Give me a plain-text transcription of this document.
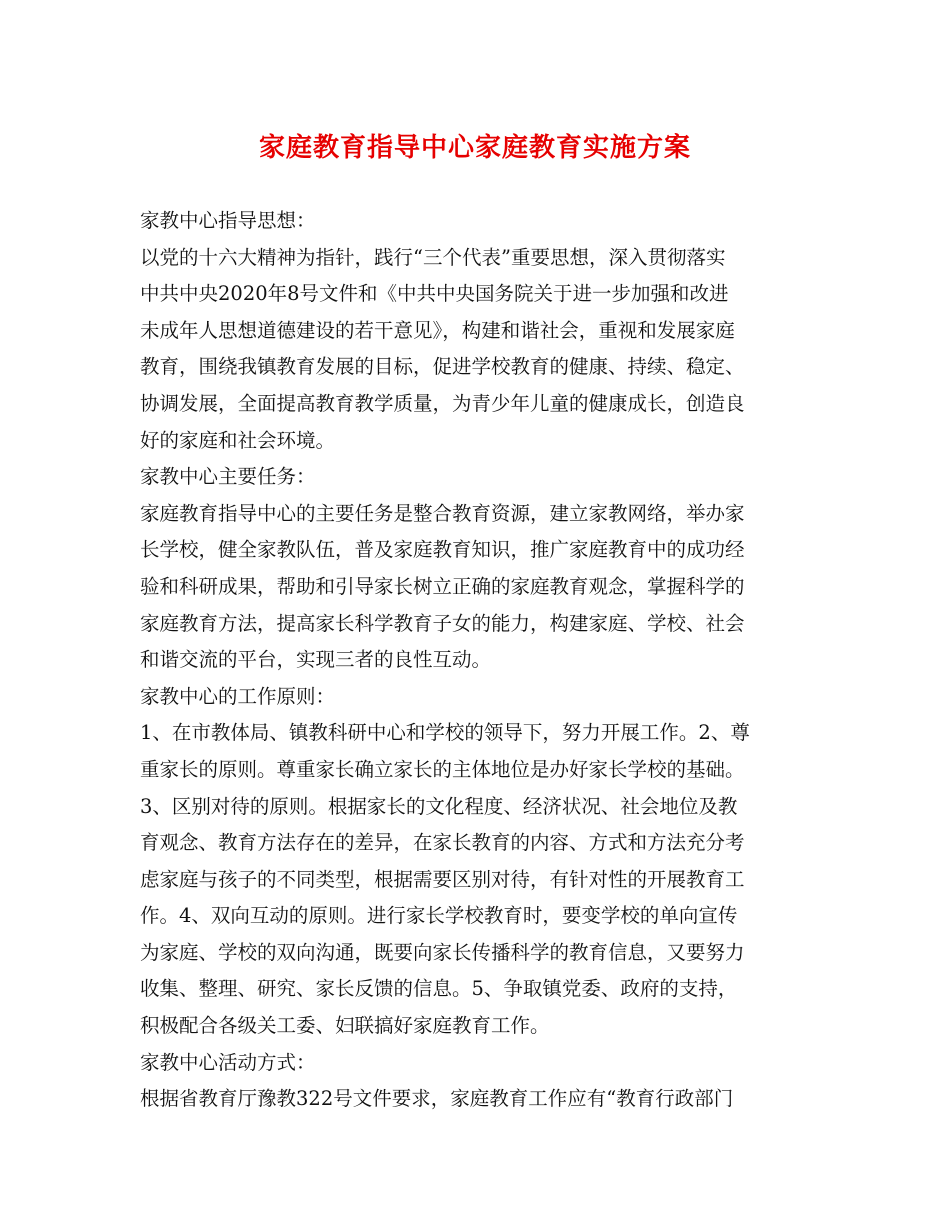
家庭教育指导中心家庭教育实施方案
家教中心指导思想：
以党的十六大精神为指针，践行“三个代表”重要思想，深入贯彻落实
中共中央2020年8号文件和《中共中央国务院关于进一步加强和改进
未成年人思想道德建设的若干意见》，构建和谐社会，重视和发展家庭
教育，围绕我镇教育发展的目标，促进学校教育的健康、持续、稳定、
协调发展，全面提高教育教学质量，为青少年儿童的健康成长，创造良
好的家庭和社会环境。
家教中心主要任务：
家庭教育指导中心的主要任务是整合教育资源，建立家教网络，举办家
长学校，健全家教队伍，普及家庭教育知识，推广家庭教育中的成功经
验和科研成果，帮助和引导家长树立正确的家庭教育观念，掌握科学的
家庭教育方法，提高家长科学教育子女的能力，构建家庭、学校、社会
和谐交流的平台，实现三者的良性互动。
家教中心的工作原则：
1、在市教体局、镇教科研中心和学校的领导下，努力开展工作。2、尊
重家长的原则。尊重家长确立家长的主体地位是办好家长学校的基础。
3、区别对待的原则。根据家长的文化程度、经济状况、社会地位及教
育观念、教育方法存在的差异，在家长教育的内容、方式和方法充分考
虑家庭与孩子的不同类型，根据需要区别对待，有针对性的开展教育工
作。4、双向互动的原则。进行家长学校教育时，要变学校的单向宣传
为家庭、学校的双向沟通，既要向家长传播科学的教育信息，又要努力
收集、整理、研究、家长反馈的信息。5、争取镇党委、政府的支持，
积极配合各级关工委、妇联搞好家庭教育工作。
家教中心活动方式：
根据省教育厅豫教322号文件要求，家庭教育工作应有“教育行政部门
